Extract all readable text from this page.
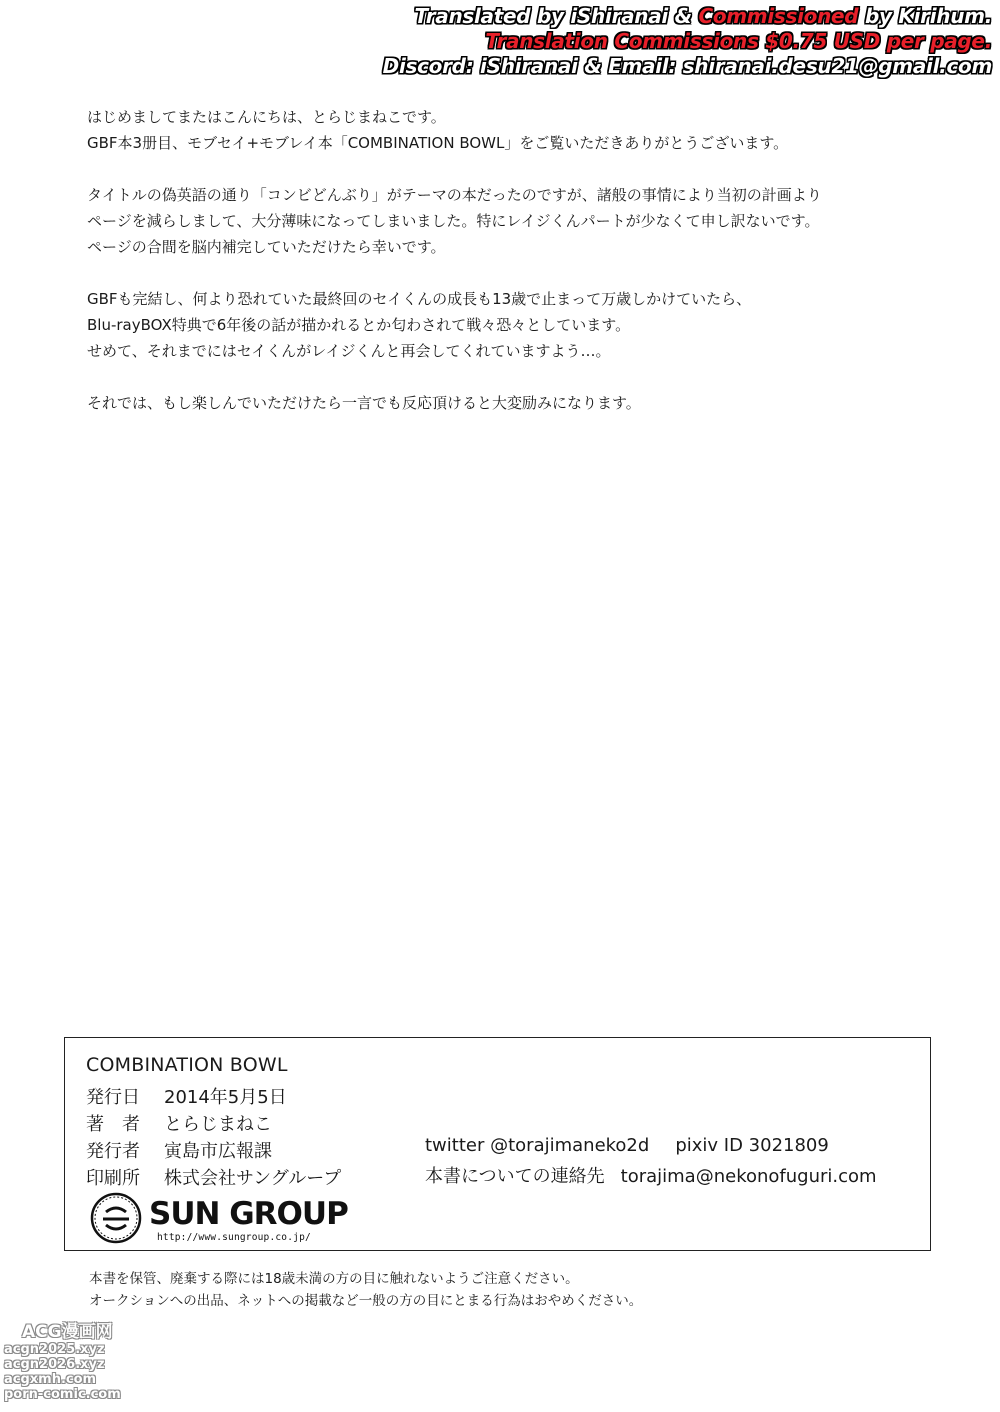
Translated by iShiranai & Commissioned by Kirihum.
Translation Commissions $0.75 USD per page.
Discord: iShiranai & Email: shiranai.desu21@gmail.com

はじめましてまたはこんにちは、とらじまねこです。
GBF本3册目、モブセイ+モブレイ本「COMBINATION BOWL」をご覧いただきありがとうございます。

タイトルの偽英語の通り「コンビどんぶり」がテーマの本だったのですが、諸般の事情により当初の計画より
ページを減らしまして、大分薄味になってしまいました。特にレイジくんパートが少なくて申し訳ないです。
ページの合間を脳内補完していただけたら幸いです。

GBFも完結し、何より恐れていた最終回のセイくんの成長も13歳で止まって万歳しかけていたら、
Blu-rayBOX特典で6年後の話が描かれるとか匂わされて戦々恐々としています。
せめて、それまでにはセイくんがレイジくんと再会してくれていますよう…。

それでは、もし楽しんでいただけたら一言でも反応頂けると大変励みになります。

COMBINATION BOWL
発行日 2014年5月5日
著　者 とらじまねこ
発行者 寅島市広報課
印刷所 株式会社サングループ
twitter @torajimaneko2d pixiv ID 3021809
本書についての連絡先 torajima@nekonofuguri.com
SUN GROUP
http://www.sungroup.co.jp/
本書を保管、廃棄する際には18歳未満の方の目に触れないようご注意ください。
オークションへの出品、ネットへの掲載など一般の方の目にとまる行為はおやめください。
ACG漫画网
acgn2025.xyz
acgn2026.xyz
acgxmh.com
porn-comic.com
